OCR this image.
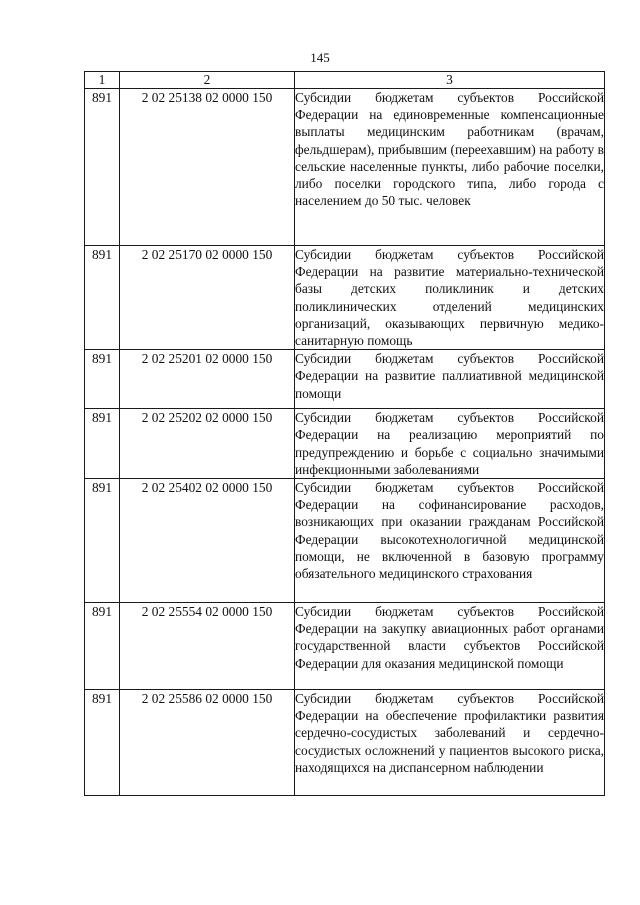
145
1	2	3
891	2 02 25138 02 0000 150	Субсидии бюджетам субъектов Российской Федерации на единовременные компенсационные выплаты медицинским работникам (врачам, фельдшерам), прибывшим (переехавшим) на работу в сельские населенные пункты, либо рабочие поселки, либо поселки городского типа, либо города с населением до 50 тыс. человек
891	2 02 25170 02 0000 150	Субсидии бюджетам субъектов Российской Федерации на развитие материально-технической базы детских поликлиник и детских поликлинических отделений медицинских организаций, оказывающих первичную медико-санитарную помощь
891	2 02 25201 02 0000 150	Субсидии бюджетам субъектов Российской Федерации на развитие паллиативной медицинской помощи
891	2 02 25202 02 0000 150	Субсидии бюджетам субъектов Российской Федерации на реализацию мероприятий по предупреждению и борьбе с социально значимыми инфекционными заболеваниями
891	2 02 25402 02 0000 150	Субсидии бюджетам субъектов Российской Федерации на софинансирование расходов, возникающих при оказании гражданам Российской Федерации высокотехнологичной медицинской помощи, не включенной в базовую программу обязательного медицинского страхования
891	2 02 25554 02 0000 150	Субсидии бюджетам субъектов Российской Федерации на закупку авиационных работ органами государственной власти субъектов Российской Федерации для оказания медицинской помощи
891	2 02 25586 02 0000 150	Субсидии бюджетам субъектов Российской Федерации на обеспечение профилактики развития сердечно-сосудистых заболеваний и сердечно-сосудистых осложнений у пациентов высокого риска, находящихся на диспансерном наблюдении
